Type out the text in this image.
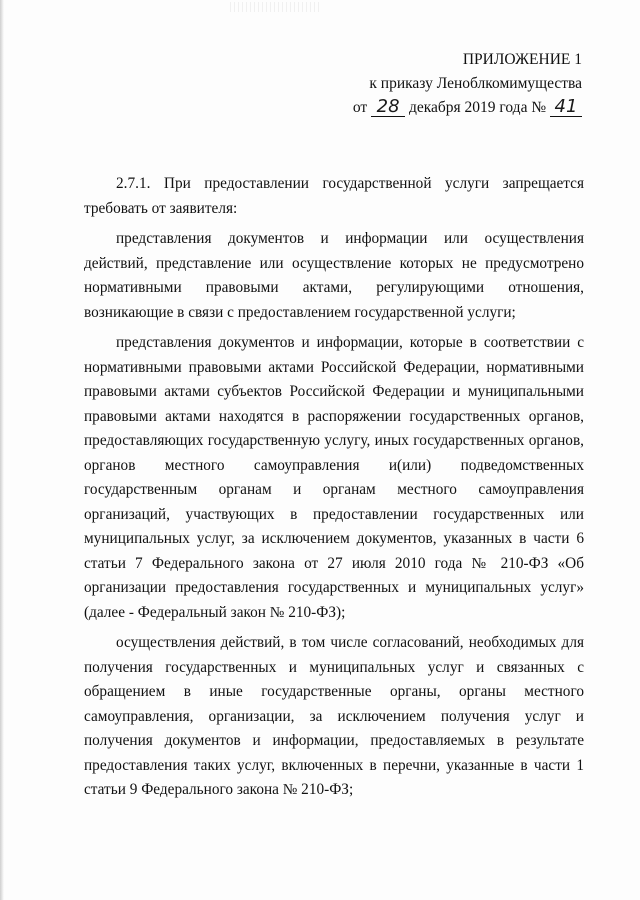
ПРИЛОЖЕНИЕ 1
к приказу Леноблкомимущества
от 28 декабря 2019 года № 41

2.7.1. При предоставлении государственной услуги запрещается требовать от заявителя:

представления документов и информации или осуществления действий, представление или осуществление которых не предусмотрено нормативными правовыми актами, регулирующими отношения, возникающие в связи с предоставлением государственной услуги;

представления документов и информации, которые в соответствии с нормативными правовыми актами Российской Федерации, нормативными правовыми актами субъектов Российской Федерации и муниципальными правовыми актами находятся в распоряжении государственных органов, предоставляющих государственную услугу, иных государственных органов, органов местного самоуправления и(или) подведомственных государственным органам и органам местного самоуправления организаций, участвующих в предоставлении государственных или муниципальных услуг, за исключением документов, указанных в части 6 статьи 7 Федерального закона от 27 июля 2010 года № 210-ФЗ «Об организации предоставления государственных и муниципальных услуг» (далее - Федеральный закон № 210-ФЗ);

осуществления действий, в том числе согласований, необходимых для получения государственных и муниципальных услуг и связанных с обращением в иные государственные органы, органы местного самоуправления, организации, за исключением получения услуг и получения документов и информации, предоставляемых в результате предоставления таких услуг, включенных в перечни, указанные в части 1 статьи 9 Федерального закона № 210-ФЗ;
